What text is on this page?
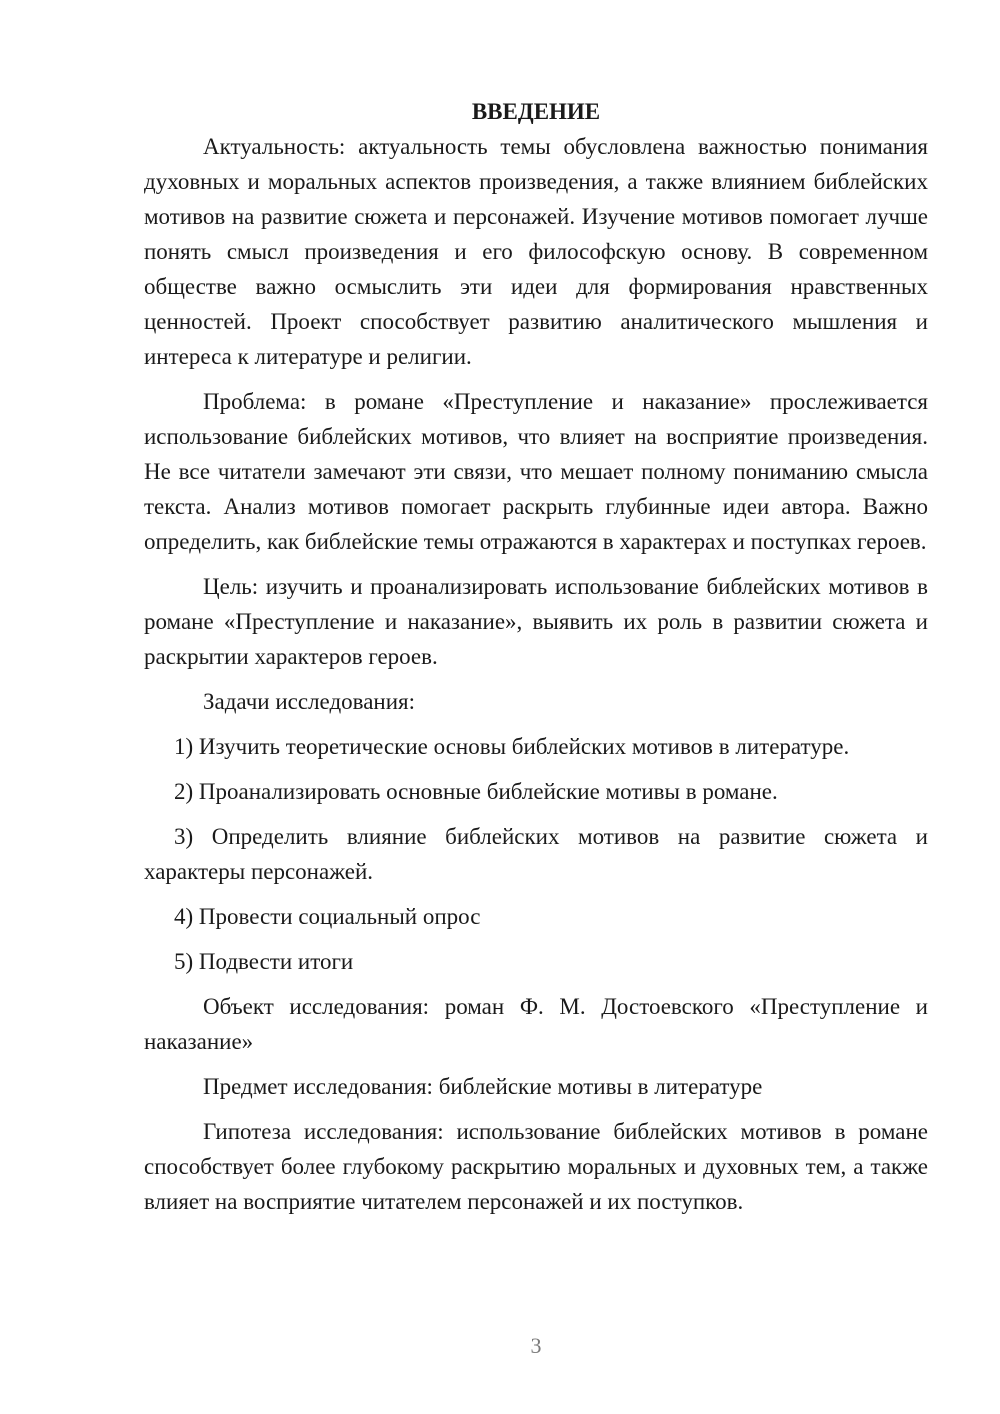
ВВЕДЕНИЕ

Актуальность: актуальность темы обусловлена важностью понимания духовных и моральных аспектов произведения, а также влиянием библейских мотивов на развитие сюжета и персонажей. Изучение мотивов помогает лучше понять смысл произведения и его философскую основу. В современном обществе важно осмыслить эти идеи для формирования нравственных ценностей. Проект способствует развитию аналитического мышления и интереса к литературе и религии.

Проблема: в романе «Преступление и наказание» прослеживается использование библейских мотивов, что влияет на восприятие произведения. Не все читатели замечают эти связи, что мешает полному пониманию смысла текста. Анализ мотивов помогает раскрыть глубинные идеи автора. Важно определить, как библейские темы отражаются в характерах и поступках героев.

Цель: изучить и проанализировать использование библейских мотивов в романе «Преступление и наказание», выявить их роль в развитии сюжета и раскрытии характеров героев.

Задачи исследования:

1) Изучить теоретические основы библейских мотивов в литературе.

2) Проанализировать основные библейские мотивы в романе.

3) Определить влияние библейских мотивов на развитие сюжета и характеры персонажей.

4) Провести социальный опрос

5) Подвести итоги

Объект исследования: роман Ф. М. Достоевского «Преступление и наказание»

Предмет исследования: библейские мотивы в литературе

Гипотеза исследования: использование библейских мотивов в романе способствует более глубокому раскрытию моральных и духовных тем, а также влияет на восприятие читателем персонажей и их поступков.

3
